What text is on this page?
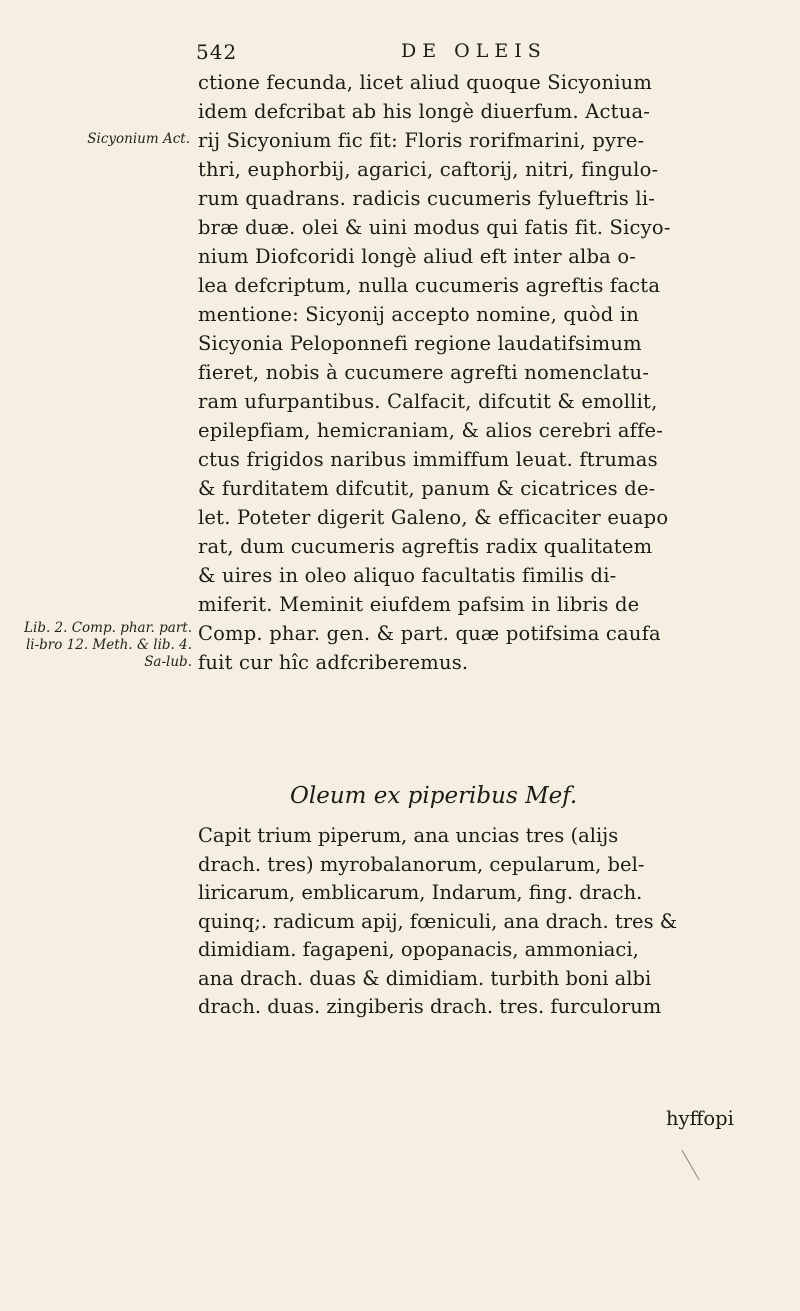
542	DE OLEIS
Sicyonium Act.
Lib. 2. Comp. phar. part. li-bro 12. Meth. & lib. 4. Sa-lub.
ctione fecunda, licet aliud quoque Sicyonium
idem defcribat ab his longè diuerfum. Actua-
rij Sicyonium fic fit: Floris rorifmarini, pyre-
thri, euphorbij, agarici, caftorij, nitri, fingulo-
rum quadrans. radicis cucumeris fylueftris li-
bræ duæ. olei & uini modus qui fatis fit. Sicyo-
nium Diofcoridi longè aliud eft inter alba o-
lea defcriptum, nulla cucumeris agreftis facta
mentione: Sicyonij accepto nomine, quòd in
Sicyonia Peloponnefi regione laudatifsimum
fieret, nobis à cucumere agrefti nomenclatu-
ram ufurpantibus. Calfacit, difcutit & emollit,
epilepfiam, hemicraniam, & alios cerebri affe-
ctus frigidos naribus immiffum leuat. ftrumas
& furditatem difcutit, panum & cicatrices de-
let. Poteter digerit Galeno, & efficaciter euapo
rat, dum cucumeris agreftis radix qualitatem
& uires in oleo aliquo facultatis fimilis di-
miferit. Meminit eiufdem pafsim in libris de
Comp. phar. gen. & part. quæ potifsima caufa
fuit cur hîc adfcriberemus.
Oleum ex piperibus Mef.
Capit trium piperum, ana uncias tres (alijs
drach. tres) myrobalanorum, cepularum, bel-
liricarum, emblicarum, Indarum, fing. drach.
quinq;. radicum apij, fœniculi, ana drach. tres &
dimidiam. fagapeni, opopanacis, ammoniaci,
ana drach. duas & dimidiam. turbith boni albi
drach. duas. zingiberis drach. tres. furculorum
hyffopi
